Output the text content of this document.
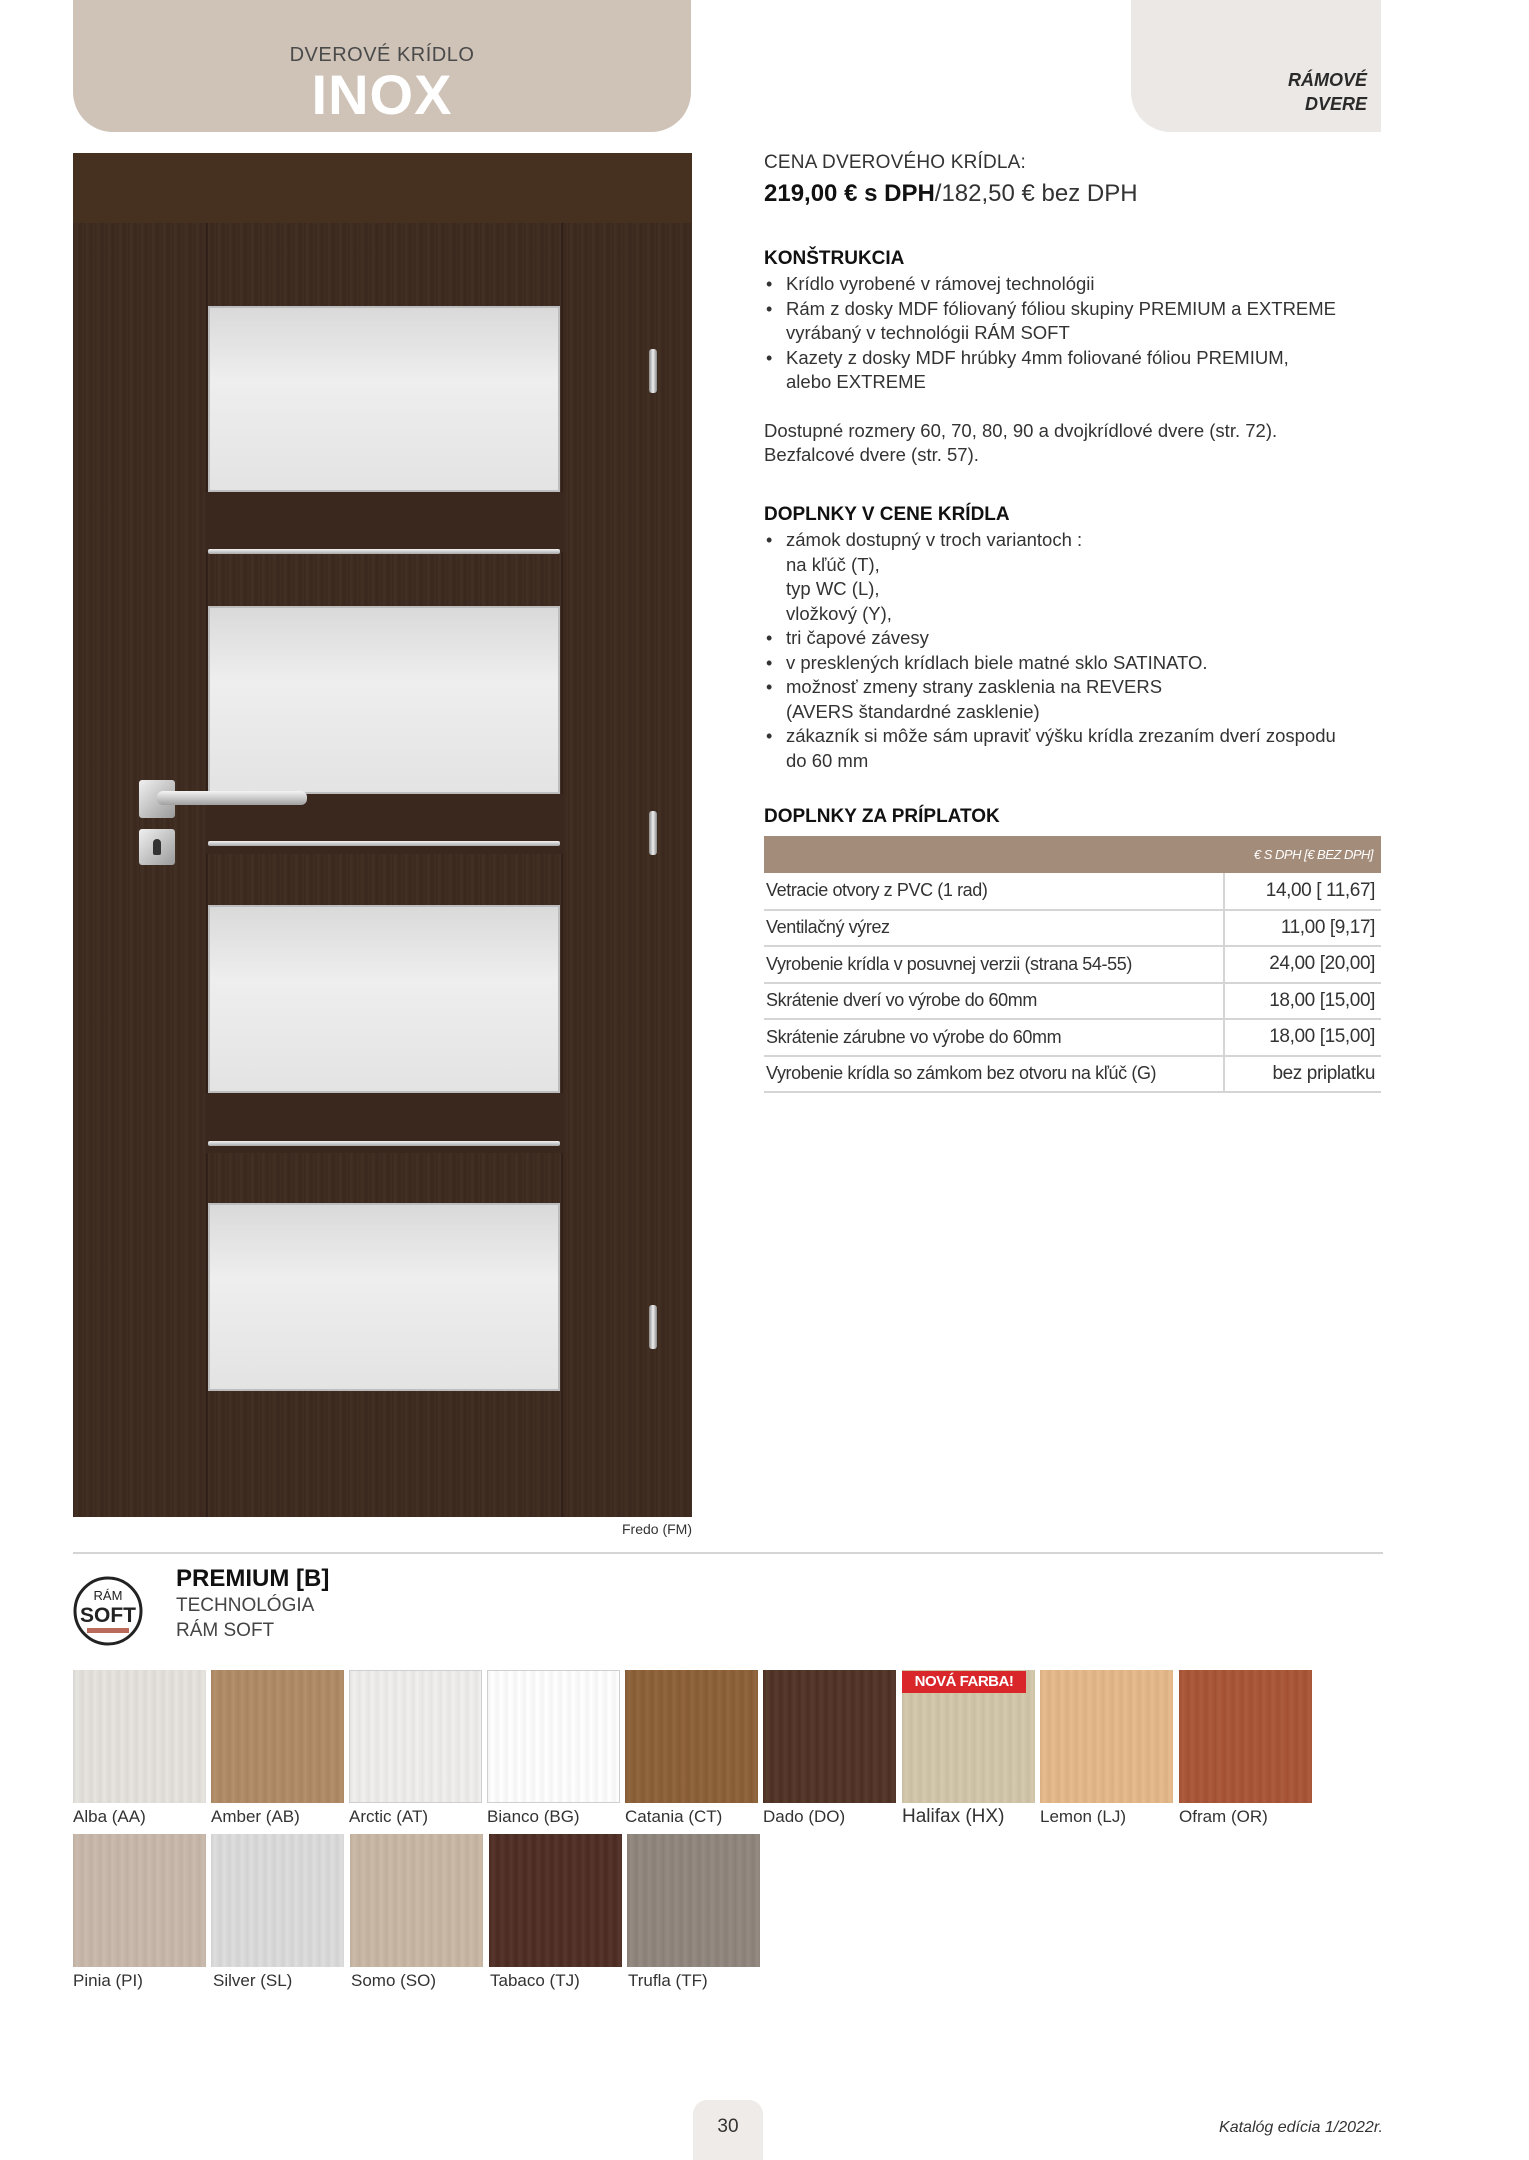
DVEROVÉ KRÍDLO
INOX	RÁMOVÉ
DVERE
Fredo (FM)
CENA DVEROVÉHO KRÍDLA:
219,00 € s DPH/182,50 € bez DPH
KONŠTRUKCIA
• Krídlo vyrobené v rámovej technológii
• Rám z dosky MDF fóliovaný fóliou skupiny PREMIUM a EXTREME
vyrábaný v technológii RÁM SOFT
• Kazety z dosky MDF hrúbky 4mm foliované fóliou PREMIUM,
alebo EXTREME
Dostupné rozmery 60, 70, 80, 90 a dvojkrídlové dvere (str. 72).
Bezfalcové dvere (str. 57).
DOPLNKY V CENE KRÍDLA
• zámok dostupný v troch variantoch :
na kľúč (T),
typ WC (L),
vložkový (Y),
• tri čapové závesy
• v presklených krídlach biele matné sklo SATINATO.
• možnosť zmeny strany zasklenia na REVERS
(AVERS štandardné zasklenie)
• zákazník si môže sám upraviť výšku krídla zrezaním dverí zospodu
do 60 mm
DOPLNKY ZA PRÍPLATOK
	€ S DPH [€ BEZ DPH]
Vetracie otvory z PVC (1 rad)	14,00 [ 11,67]
Ventilačný výrez	11,00 [9,17]
Vyrobenie krídla v posuvnej verzii (strana 54-55)	24,00 [20,00]
Skrátenie dverí vo výrobe do 60mm	18,00 [15,00]
Skrátenie zárubne vo výrobe do 60mm	18,00 [15,00]
Vyrobenie krídla so zámkom bez otvoru na kľúč (G)	bez priplatku
RÁM
SOFT
PREMIUM [B]
TECHNOLÓGIA
RÁM SOFT
NOVÁ FARBA!
Alba (AA)	Amber (AB)	Arctic (AT)	Bianco (BG)	Catania (CT) Dado (DO)	Halifax (HX) Lemon (LJ)	Ofram (OR)
Pinia (PI)	Silver (SL)	Somo (SO)	Tabaco (TJ)	Trufla (TF)
30	Katalóg edícia 1/2022r.
